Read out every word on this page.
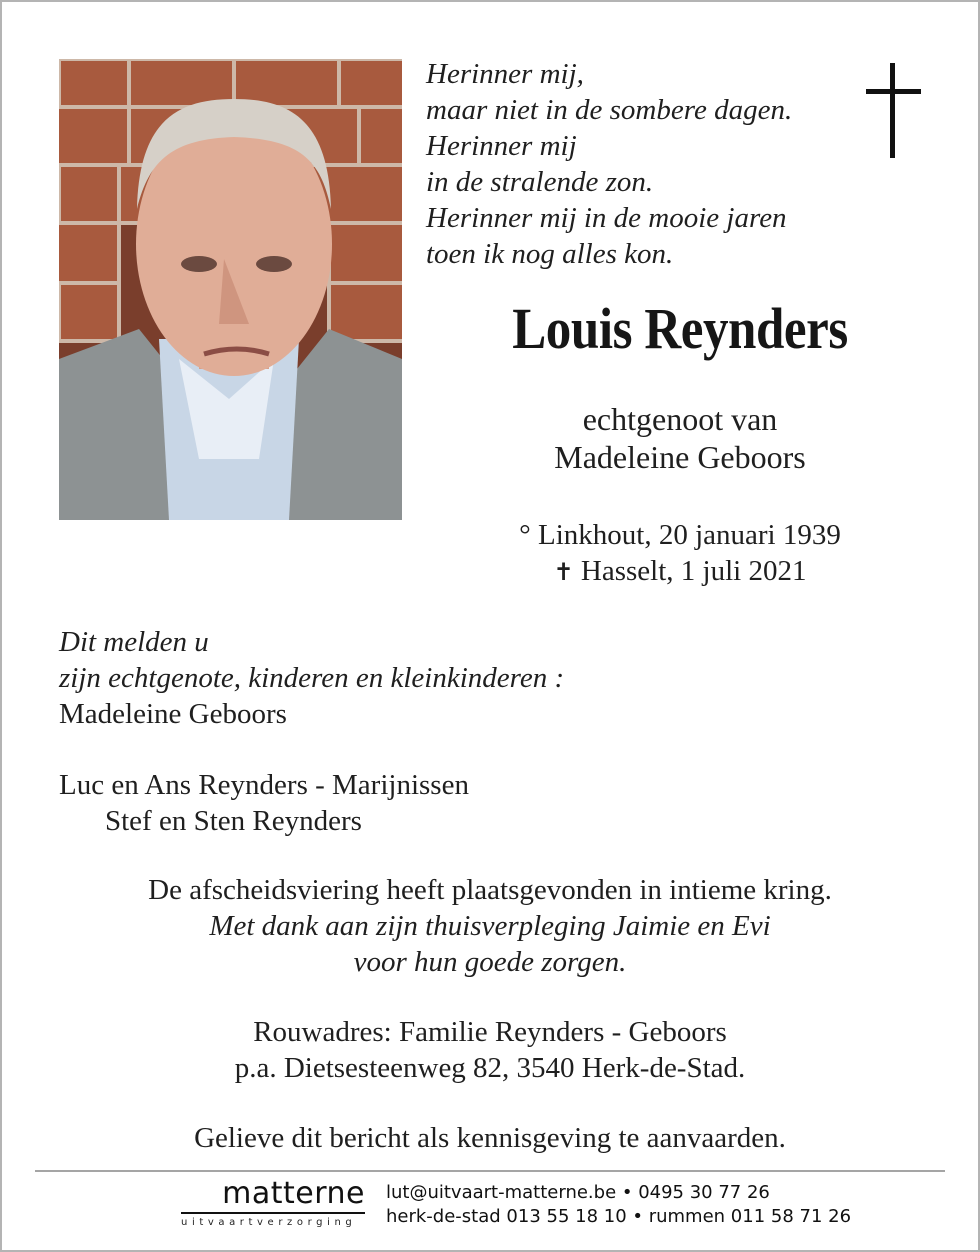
Herinner mij,
maar niet in de sombere dagen.
Herinner mij
in de stralende zon.
Herinner mij in de mooie jaren
toen ik nog alles kon.
Louis Reynders
echtgenoot van
Madeleine Geboors
° Linkhout, 20 januari 1939
✝ Hasselt, 1 juli 2021
Dit melden u
zijn echtgenote, kinderen en kleinkinderen :
Madeleine Geboors
Luc en Ans Reynders - Marijnissen
Stef en Sten Reynders
De afscheidsviering heeft plaatsgevonden in intieme kring.
Met dank aan zijn thuisverpleging Jaimie en Evi
voor hun goede zorgen.
Rouwadres: Familie Reynders - Geboors
p.a. Dietsesteenweg 82, 3540 Herk-de-Stad.
Gelieve dit bericht als kennisgeving te aanvaarden.
matterne
uitvaartverzorging
lut@uitvaart-matterne.be • 0495 30 77 26
herk-de-stad 013 55 18 10 • rummen 011 58 71 26
